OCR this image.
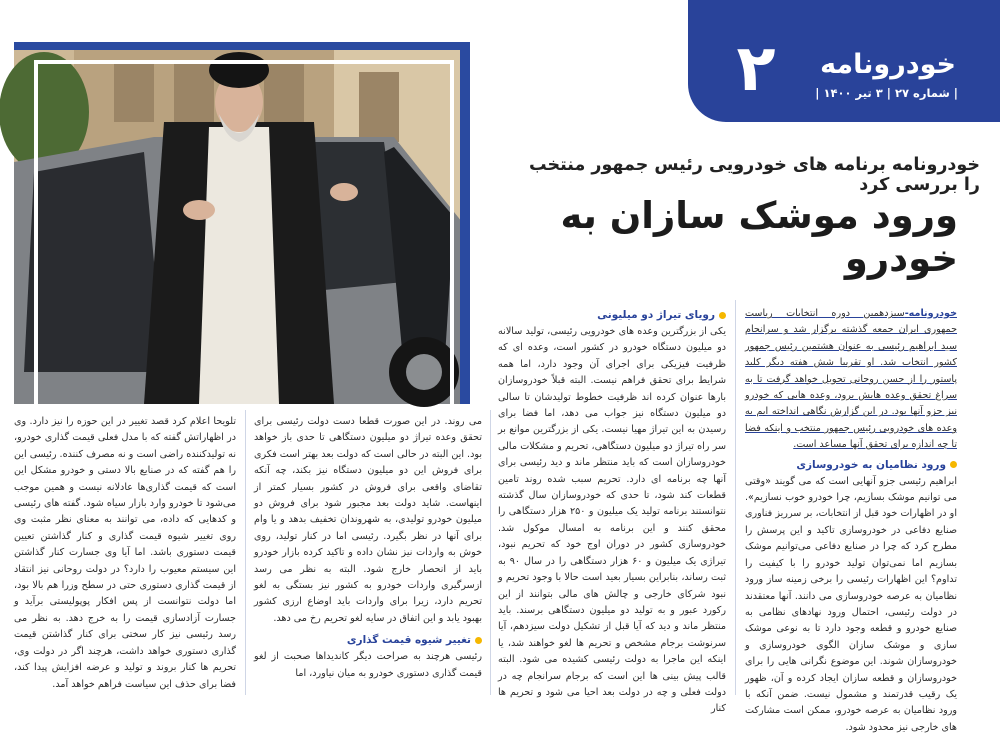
خودرونامه
۲	| شماره ۲۷ | ۳ تیر ۱۴۰۰ |
خودرونامه برنامه های خودرویی رئیس جمهور منتخب را بررسی کرد
ورود موشک سازان به خودرو

خودرونامه-سیزدهمین دوره انتخابات ریاست جمهوری ایران جمعه گذشته برگزار شد و سرانجام سید ابراهیم رئیسی به عنوان هشتمین رئیس جمهور کشور انتخاب شد. او تقریبا شش هفته دیگر کلید پاستور را از حسن روحانی تحویل خواهد گرفت تا به سراغ تحقق وعده هایش برود، وعده هایی که خودرو نیز جزو آنها بود. در این گزارش نگاهی انداخته ایم به وعده های خودرویی رئیس جمهور منتخب و اینکه فضا تا چه اندازه برای تحقق آنها مساعد است.

ورود نظامیان به خودروسازی

ابراهیم رئیسی جزو آنهایی است که می گویند «وقتی می توانیم موشک بسازیم، چرا خودرو خوب نسازیم». او در اظهارات خود قبل از انتخابات، بر سرریز فناوری صنایع دفاعی در خودروسازی تاکید و این پرسش را مطرح کرد که چرا در صنایع دفاعی می‌توانیم موشک بسازیم اما نمی‌توان تولید خودرو را با کیفیت را تداوم؟ این اظهارات رئیسی را برخی زمینه ساز ورود نظامیان به عرصه خودروسازی می دانند. آنها معتقدند در دولت رئیسی، احتمال ورود نهادهای نظامی به صنایع خودرو و قطعه وجود دارد تا به نوعی موشک سازی و موشک سازان الگوی خودروسازی و خودروسازان شوند. این موضوع نگرانی هایی را برای خودروسازان و قطعه سازان ایجاد کرده و آن، ظهور یک رقیب قدرتمند و مشمول نیست. ضمن آنکه با ورود نظامیان به عرصه خودرو، ممکن است مشارکت های خارجی نیز محدود شود.

رویای تیراژ دو میلیونی

یکی از بزرگترین وعده های خودرویی رئیسی، تولید سالانه دو میلیون دستگاه خودرو در کشور است، وعده ای که ظرفیت فیزیکی برای اجرای آن وجود دارد، اما همه شرایط برای تحقق فراهم نیست. البته قبلاً خودروسازان بارها عنوان کرده اند ظرفیت خطوط تولیدشان تا سالی دو میلیون دستگاه نیز جواب می دهد، اما فضا برای رسیدن به این تیراژ مهیا نیست. یکی از بزرگترین موانع بر سر راه تیراژ دو میلیون دستگاهی، تحریم و مشکلات مالی خودروسازان است که باید منتظر ماند و دید رئیسی برای آنها چه برنامه ای دارد. تحریم سبب شده روند تامین قطعات کند شود، تا حدی که خودروسازان سال گذشته نتوانستند برنامه تولید یک میلیون و ۲۵۰ هزار دستگاهی را محقق کنند و این برنامه به امسال موکول شد. خودروسازی کشور در دوران اوج خود که تحریم نبود، تیراژی یک میلیون و ۶۰ هزار دستگاهی را در سال ۹۰ به ثبت رساند، بنابراین بسیار بعید است حالا با وجود تحریم و نبود شرکای خارجی و چالش های مالی بتوانند از این رکورد عبور و به تولید دو میلیون دستگاهی برسند. باید منتظر ماند و دید که آیا قبل از تشکیل دولت سیزدهم، آیا سرنوشت برجام مشخص و تحریم ها لغو خواهند شد، یا اینکه این ماجرا به دولت رئیسی کشیده می شود. البته قالب پیش بینی ها این است که برجام سرانجام چه در دولت فعلی و چه در دولت بعد احیا می شود و تحریم ها کنار

می روند. در این صورت قطعا دست دولت رئیسی برای تحقق وعده تیراژ دو میلیون دستگاهی تا حدی باز خواهد بود. این البته در حالی است که دولت بعد بهتر است فکری برای فروش این دو میلیون دستگاه نیز بکند، چه آنکه تقاضای واقعی برای فروش در کشور بسیار کمتر از اینهاست. شاید دولت بعد مجبور شود برای فروش دو میلیون خودرو تولیدی، به شهروندان تخفیف بدهد و یا وام برای آنها در نظر بگیرد. رئیسی اما در کنار تولید، روی خوش به واردات نیز نشان داده و تاکید کرده بازار خودرو باید از انحصار خارج شود. البته به نظر می رسد ازسرگیری واردات خودرو به کشور نیز بستگی به لغو تحریم دارد، زیرا برای واردات باید اوضاع ارزی کشور بهبود یابد و این اتفاق در سایه لغو تحریم رخ می دهد.

تغییر شیوه قیمت گذاری

رئیسی هرچند به صراحت دیگر کاندیداها صحبت از لغو قیمت گذاری دستوری خودرو به میان نیاورد، اما

تلویحا اعلام کرد قصد تغییر در این حوزه را نیز دارد. وی در اظهاراتش گفته که با مدل فعلی قیمت گذاری خودرو، نه تولیدکننده راضی است و نه مصرف کننده. رئیسی این را هم گفته که در صنایع بالا دستی و خودرو مشکل این است که قیمت گذاری‌ها عادلانه نیست و همین موجب می‌شود تا خودرو وارد بازار سیاه شود. گفته های رئیسی و کدهایی که داده، می توانند به معنای نظر مثبت وی روی تغییر شیوه قیمت گذاری و کنار گذاشتن تعیین قیمت دستوری باشد. اما آیا وی جسارت کنار گذاشتن این سیستم معیوب را دارد؟ در دولت روحانی نیز انتقاد از قیمت گذاری دستوری حتی در سطح وزرا هم بالا بود، اما دولت نتوانست از پس افکار پوپولیستی برآید و جسارت آزادسازی قیمت را به خرج دهد. به نظر می رسد رئیسی نیز کار سختی برای کنار گذاشتن قیمت گذاری دستوری خواهد داشت، هرچند اگر در دولت وی، تحریم ها کنار بروند و تولید و عرضه افزایش پیدا کند، فضا برای حذف این سیاست فراهم خواهد آمد.
